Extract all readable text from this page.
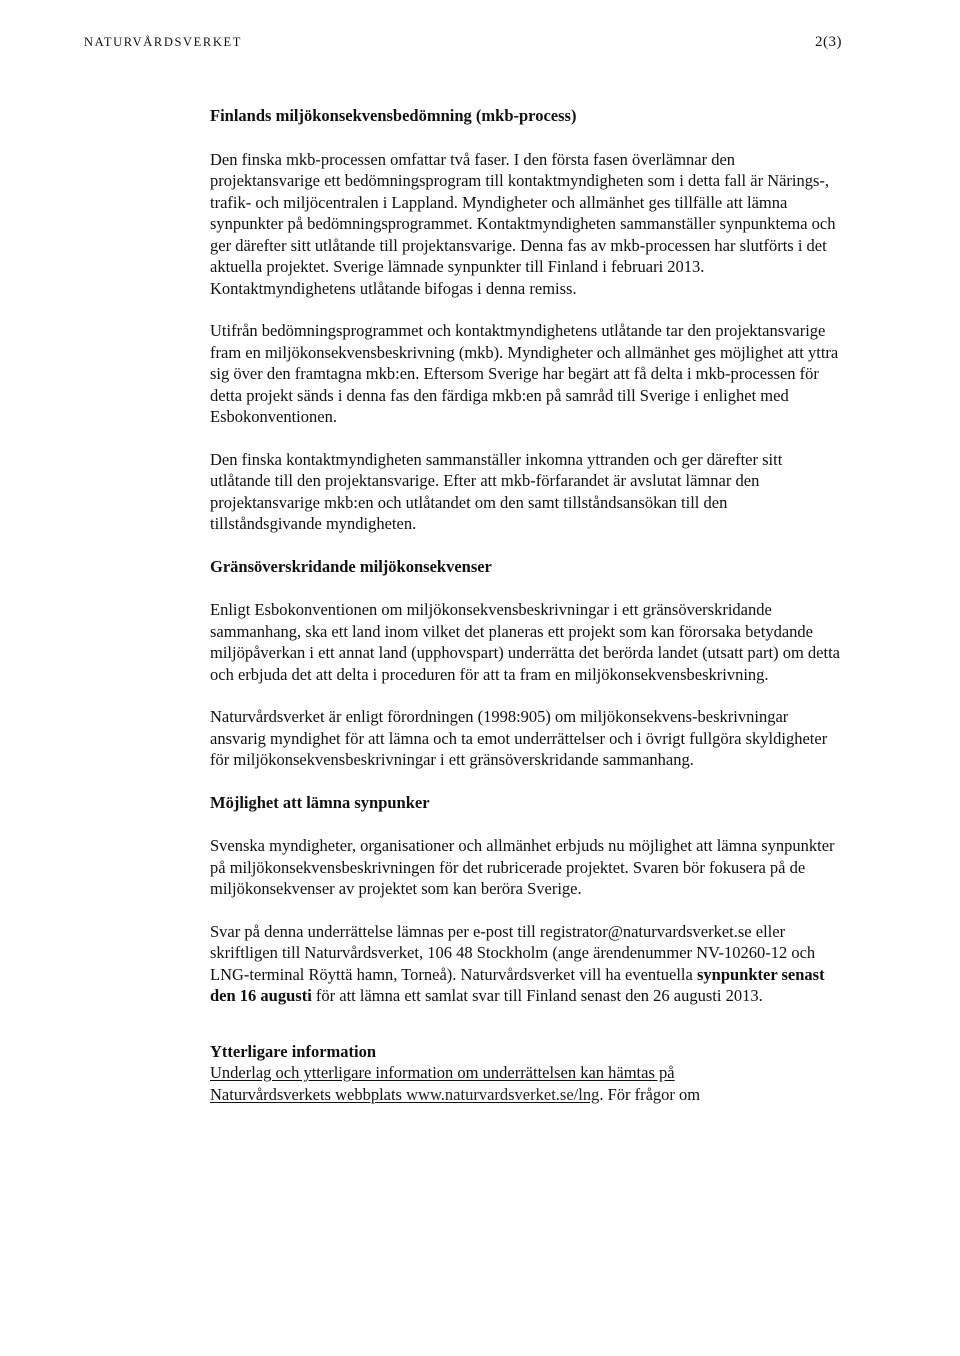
NATURVÅRDSVERKET	2(3)
Finlands miljökonsekvensbedömning (mkb-process)

Den finska mkb-processen omfattar två faser. I den första fasen överlämnar den projektansvarige ett bedömningsprogram till kontaktmyndigheten som i detta fall är Närings-, trafik- och miljöcentralen i Lappland. Myndigheter och allmänhet ges tillfälle att lämna synpunkter på bedömningsprogrammet. Kontaktmyndigheten sammanställer synpunktema och ger därefter sitt utlåtande till projektansvarige. Denna fas av mkb-processen har slutförts i det aktuella projektet. Sverige lämnade synpunkter till Finland i februari 2013. Kontaktmyndighetens utlåtande bifogas i denna remiss.

Utifrån bedömningsprogrammet och kontaktmyndighetens utlåtande tar den projektansvarige fram en miljökonsekvensbeskrivning (mkb). Myndigheter och allmänhet ges möjlighet att yttra sig över den framtagna mkb:en. Eftersom Sverige har begärt att få delta i mkb-processen för detta projekt sänds i denna fas den färdiga mkb:en på samråd till Sverige i enlighet med Esbokonventionen.

Den finska kontaktmyndigheten sammanställer inkomna yttranden och ger därefter sitt utlåtande till den projektansvarige. Efter att mkb-förfarandet är avslutat lämnar den projektansvarige mkb:en och utlåtandet om den samt tillståndsansökan till den tillståndsgivande myndigheten.

Gränsöverskridande miljökonsekvenser

Enligt Esbokonventionen om miljökonsekvensbeskrivningar i ett gränsöverskridande sammanhang, ska ett land inom vilket det planeras ett projekt som kan förorsaka betydande miljöpåverkan i ett annat land (upphovspart) underrätta det berörda landet (utsatt part) om detta och erbjuda det att delta i proceduren för att ta fram en miljökonsekvensbeskrivning.

Naturvårdsverket är enligt förordningen (1998:905) om miljökonsekvens-beskrivningar ansvarig myndighet för att lämna och ta emot underrättelser och i övrigt fullgöra skyldigheter för miljökonsekvensbeskrivningar i ett gränsöverskridande sammanhang.

Möjlighet att lämna synpunker

Svenska myndigheter, organisationer och allmänhet erbjuds nu möjlighet att lämna synpunkter på miljökonsekvensbeskrivningen för det rubricerade projektet. Svaren bör fokusera på de miljökonsekvenser av projektet som kan beröra Sverige.

Svar på denna underrättelse lämnas per e-post till registrator@naturvardsverket.se eller skriftligen till Naturvårdsverket, 106 48 Stockholm (ange ärendenummer NV-10260-12 och LNG-terminal Röyttä hamn, Torneå). Naturvårdsverket vill ha eventuella synpunkter senast den 16 augusti för att lämna ett samlat svar till Finland senast den 26 augusti 2013.

Ytterligare information

Underlag och ytterligare information om underrättelsen kan hämtas på
Naturvårdsverkets webbplats www.naturvardsverket.se/lng. För frågor om
